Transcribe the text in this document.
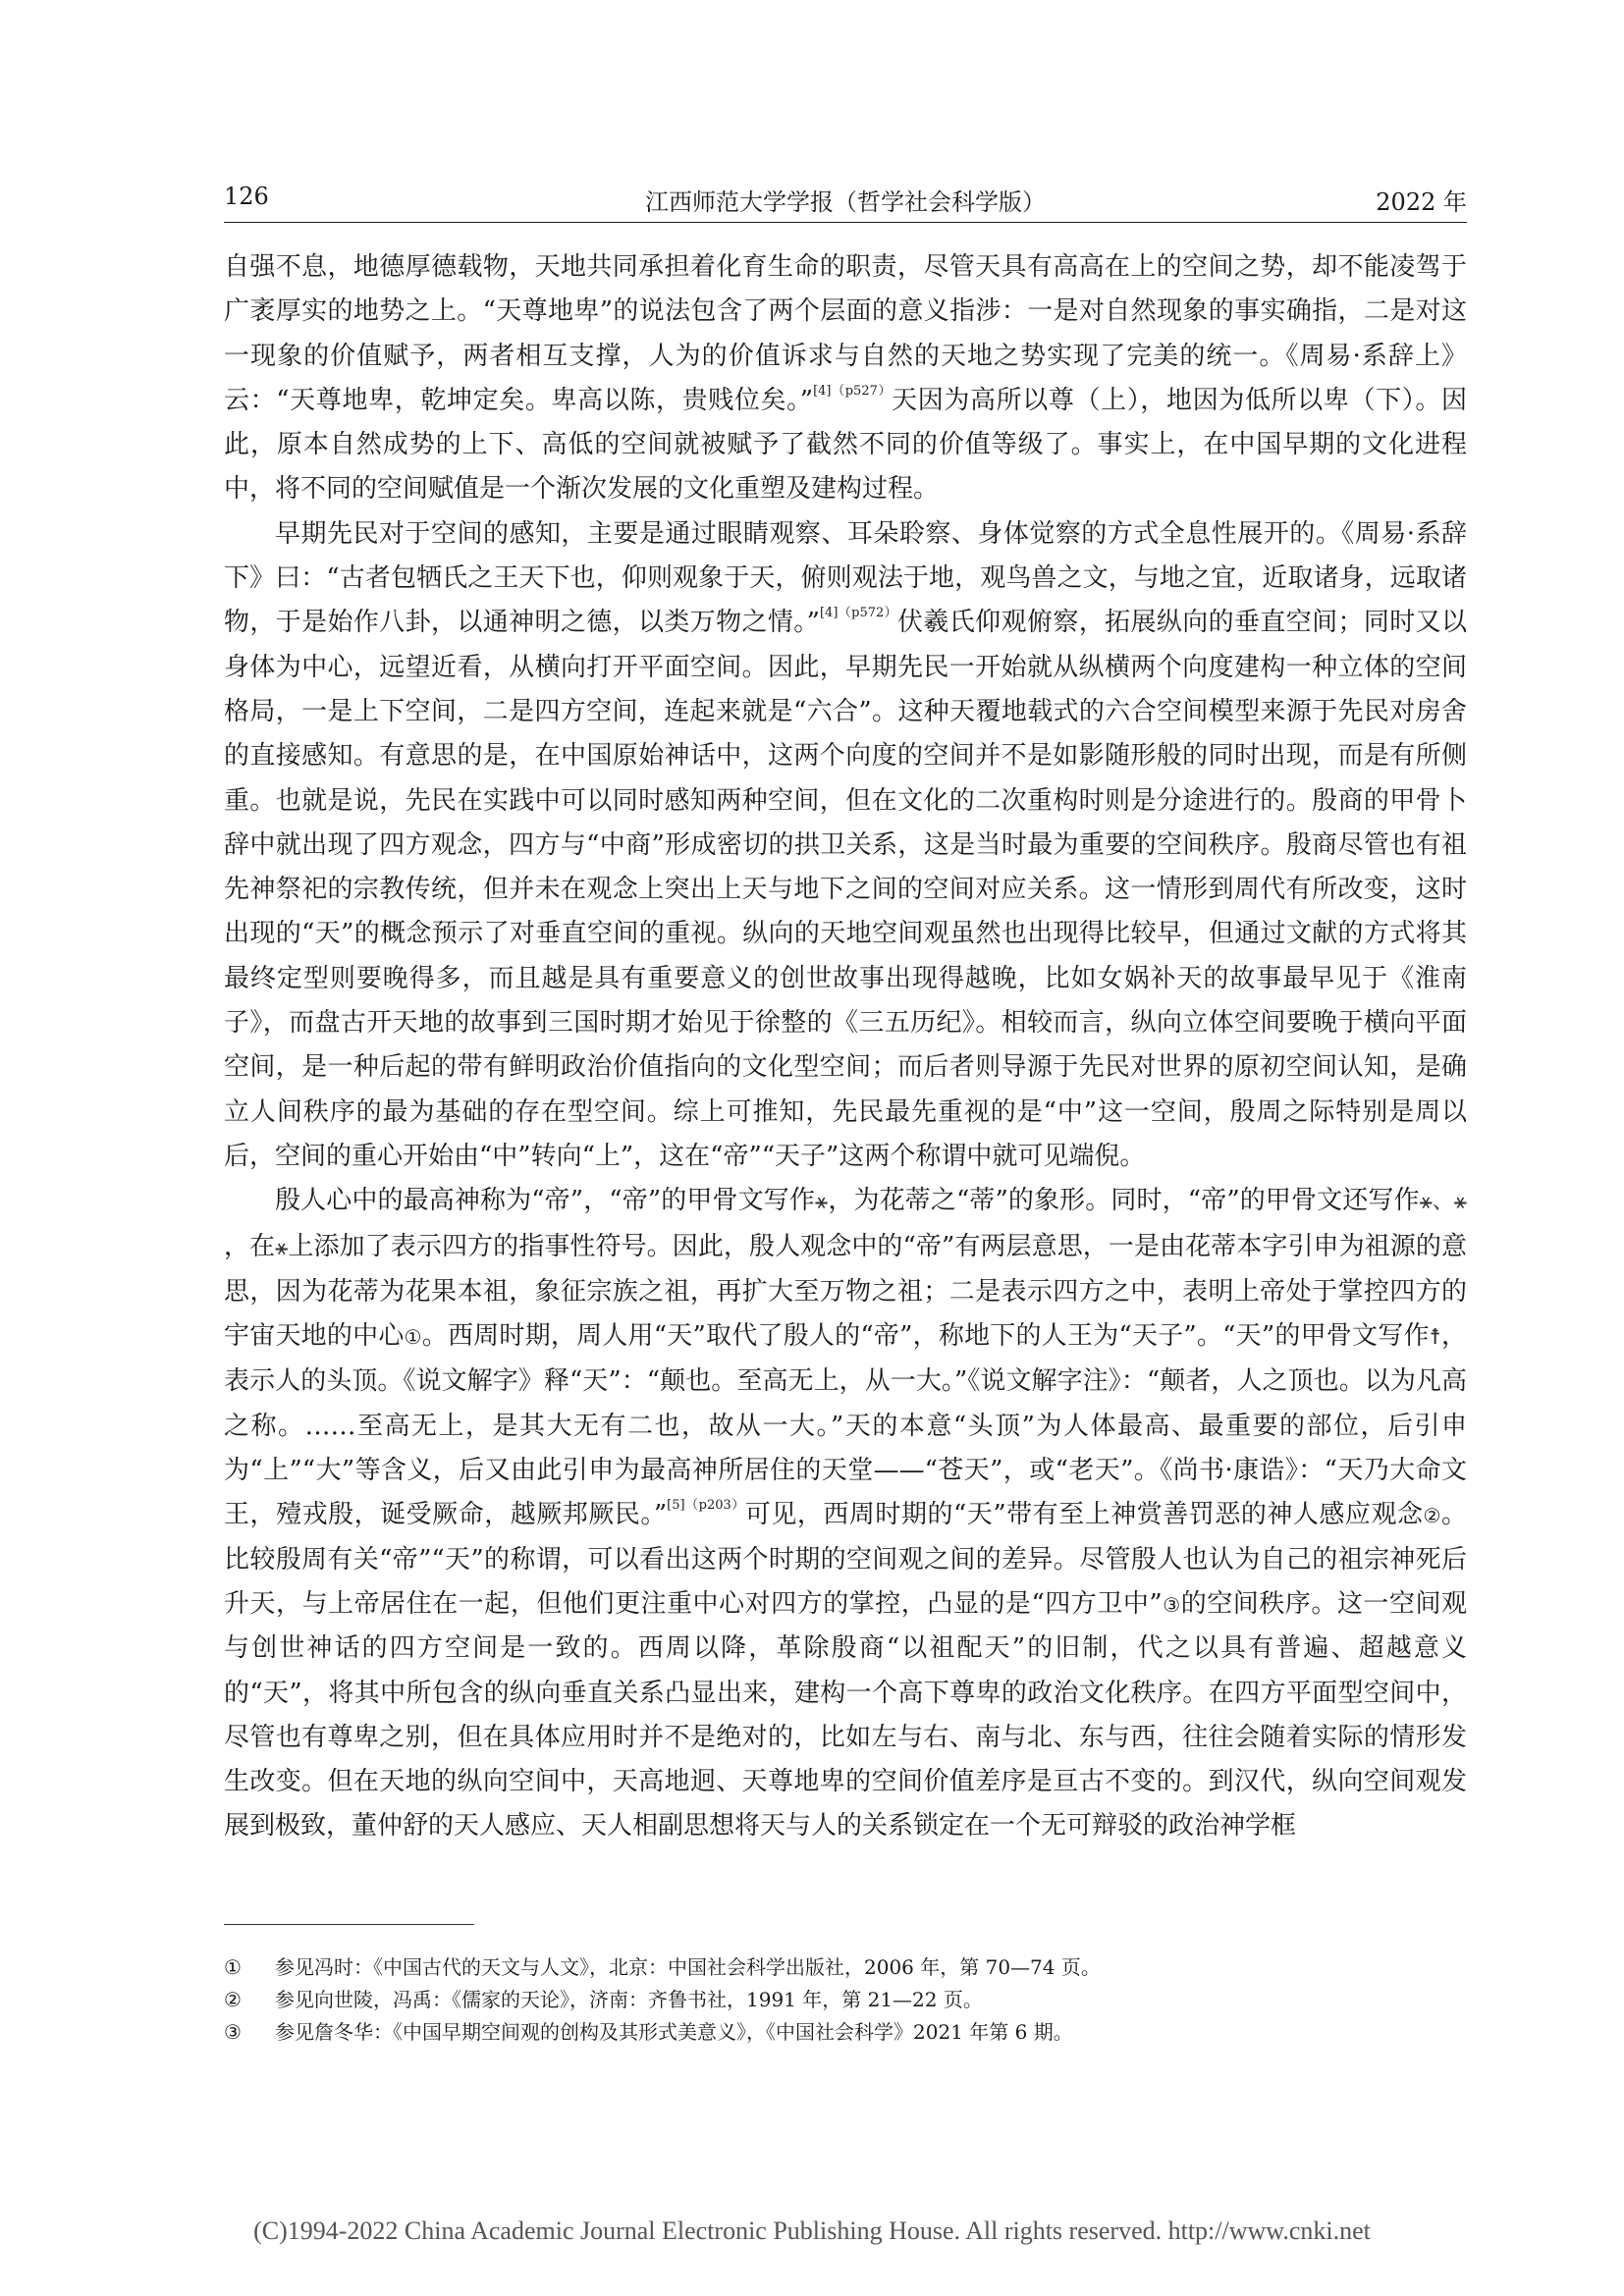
126	江西师范大学学报（哲学社会科学版）	2022 年

自强不息，地德厚德载物，天地共同承担着化育生命的职责，尽管天具有高高在上的空间之势，却不能凌驾于广袤厚实的地势之上。“天尊地卑”的说法包含了两个层面的意义指涉：一是对自然现象的事实确指，二是对这一现象的价值赋予，两者相互支撑，人为的价值诉求与自然的天地之势实现了完美的统一。《周易·系辞上》云：“天尊地卑，乾坤定矣。卑高以陈，贵贱位矣。”$^{[4](p527)}$天因为高所以尊（上），地因为低所以卑（下）。因此，原本自然成势的上下、高低的空间就被赋予了截然不同的价值等级了。事实上，在中国早期的文化进程中，将不同的空间赋值是一个渐次发展的文化重塑及建构过程。

早期先民对于空间的感知，主要是通过眼睛观察、耳朵聆察、身体觉察的方式全息性展开的。《周易·系辞下》曰：“古者包牺氏之王天下也，仰则观象于天，俯则观法于地，观鸟兽之文，与地之宜，近取诸身，远取诸物，于是始作八卦，以通神明之德，以类万物之情。”$^{[4](p572)}$伏羲氏仰观俯察，拓展纵向的垂直空间；同时又以身体为中心，远望近看，从横向打开平面空间。因此，早期先民一开始就从纵横两个向度建构一种立体的空间格局，一是上下空间，二是四方空间，连起来就是“六合”。这种天覆地载式的六合空间模型来源于先民对房舍的直接感知。有意思的是，在中国原始神话中，这两个向度的空间并不是如影随形般的同时出现，而是有所侧重。也就是说，先民在实践中可以同时感知两种空间，但在文化的二次重构时则是分途进行的。殷商的甲骨卜辞中就出现了四方观念，四方与“中商”形成密切的拱卫关系，这是当时最为重要的空间秩序。殷商尽管也有祖先神祭祀的宗教传统，但并未在观念上突出上天与地下之间的空间对应关系。这一情形到周代有所改变，这时出现的“天”的概念预示了对垂直空间的重视。纵向的天地空间观虽然也出现得比较早，但通过文献的方式将其最终定型则要晚得多，而且越是具有重要意义的创世故事出现得越晚，比如女娲补天的故事最早见于《淮南子》，而盘古开天地的故事到三国时期才始见于徐整的《三五历纪》。相较而言，纵向立体空间要晚于横向平面空间，是一种后起的带有鲜明政治价值指向的文化型空间；而后者则导源于先民对世界的原初空间认知，是确立人间秩序的最为基础的存在型空间。综上可推知，先民最先重视的是“中”这一空间，殷周之际特别是周以后，空间的重心开始由“中”转向“上”，这在“帝”“天子”这两个称谓中就可见端倪。

殷人心中的最高神称为“帝”，“帝”的甲骨文写作⚹，为花蒂之“蒂”的象形。同时，“帝”的甲骨文还写作⚹、⚹，在⚹上添加了表示四方的指事性符号。因此，殷人观念中的“帝”有两层意思，一是由花蒂本字引申为祖源的意思，因为花蒂为花果本祖，象征宗族之祖，再扩大至万物之祖；二是表示四方之中，表明上帝处于掌控四方的宇宙天地的中心①。西周时期，周人用“天”取代了殷人的“帝”，称地下的人王为“天子”。“天”的甲骨文写作☨，表示人的头顶。《说文解字》释“天”：“颠也。至高无上，从一大。”《说文解字注》：“颠者，人之顶也。以为凡高之称。……至高无上，是其大无有二也，故从一大。”天的本意“头顶”为人体最高、最重要的部位，后引申为“上”“大”等含义，后又由此引申为最高神所居住的天堂——“苍天”，或“老天”。《尚书·康诰》：“天乃大命文王，殪戎殷，诞受厥命，越厥邦厥民。”$^{[5](p203)}$可见，西周时期的“天”带有至上神赏善罚恶的神人感应观念②。比较殷周有关“帝”“天”的称谓，可以看出这两个时期的空间观之间的差异。尽管殷人也认为自己的祖宗神死后升天，与上帝居住在一起，但他们更注重中心对四方的掌控，凸显的是“四方卫中”③的空间秩序。这一空间观与创世神话的四方空间是一致的。西周以降，革除殷商“以祖配天”的旧制，代之以具有普遍、超越意义的“天”，将其中所包含的纵向垂直关系凸显出来，建构一个高下尊卑的政治文化秩序。在四方平面型空间中，尽管也有尊卑之别，但在具体应用时并不是绝对的，比如左与右、南与北、东与西，往往会随着实际的情形发生改变。但在天地的纵向空间中，天高地迥、天尊地卑的空间价值差序是亘古不变的。到汉代，纵向空间观发展到极致，董仲舒的天人感应、天人相副思想将天与人的关系锁定在一个无可辩驳的政治神学框

① 参见冯时：《中国古代的天文与人文》，北京：中国社会科学出版社，2006 年，第 70—74 页。
② 参见向世陵，冯禹：《儒家的天论》，济南：齐鲁书社，1991 年，第 21—22 页。
③ 参见詹冬华：《中国早期空间观的创构及其形式美意义》，《中国社会科学》2021 年第 6 期。
(C)1994-2022 China Academic Journal Electronic Publishing House. All rights reserved. http://www.cnki.net
